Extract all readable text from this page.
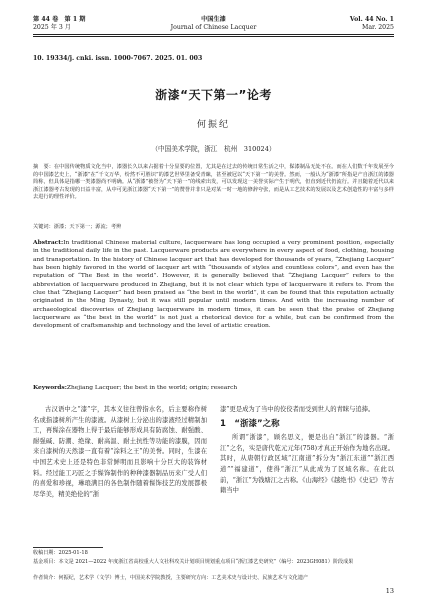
第 44 卷　第 1 期
2025 年 3 月
中国生漆
Journal of Chinese Lacquer
Vol. 44 No. 1
Mar. 2025
10. 19334/j. cnki. issn. 1000-7067. 2025. 01. 003
浙漆“天下第一”论考
何振纪
（中国美术学院，浙江　杭州　310024）
摘　要：在中国传统物质文化当中，漆器长久以来占据着十分显要的位置，尤其是在过去的传统日常生活之中，髹漆制品无处不在。而在人们数千年发展至今的中国漆艺史上，“浙漆”在“千文万华，纷然不可胜识”的漆艺世界里备受青睐，甚至被冠以“天下第一”的美誉。然而，一般认为“浙漆”所指是产自浙江的漆器简称，但具体是指哪一类漆器尚不明确。从“浙漆”被誉为“天下第一”的线索出发，可以发现这一美誉实际产生于明代，但直到近代仍流行。并且随着近代以来浙江漆器考古发现的日益丰富，从中可见浙江漆器“天下第一”的赞誉并非只是对某一时一地的修辞夸张，而是从工艺技术的发展以及艺术创造性的丰富与多样去进行的理性评价。
关键词：浙漆；天下第一；源流；考辨
Abstract:In traditional Chinese material culture, lacquerware has long occupied a very prominent position, especially in the traditional daily life in the past. Lacquerware products are everywhere in every aspect of food, clothing, housing and transportation. In the history of Chinese lacquer art that has developed for thousands of years, “Zhejiang Lacquer” has been highly favored in the world of lacquer art with “thousands of styles and countless colors”, and even has the reputation of “The Best in the world”. However, it is generally believed that “Zhejiang Lacquer” refers to the abbreviation of lacquerware produced in Zhejiang, but it is not clear which type of lacquerware it refers to. From the clue that “Zhejiang Lacquer” had been praised as “the best in the world”, it can be found that this reputation actually originated in the Ming Dynasty, but it was still popular until modern times. And with the increasing number of archaeological discoveries of Zhejiang lacquerware in modern times, it can be seen that the praise of Zhejiang lacquerware as “the best in the world” is not just a rhetorical device for a while, but can be confirmed from the development of craftsmanship and technology and the level of artistic creation.
Keywords:Zhejiang Lacquer; the best in the world; origin; research
古汉语中之“漆”字，其本义往往曾指水名，后主要称作树名或指漆树所产生的漆液。从漆树上分泌出的漆液经过精制加工，再髹涂在器物上得于最后能够形成具有防腐蚀、耐强酸、耐强碱、防潮、绝缘、耐高温、耐土抗性等功能的漆膜，因而来自漆树的天然漆一直有着“涂料之王”的美誉。同时，生漆在中国艺术史上还是特色非常鲜明而且影响十分巨大的装饰材料。经过能工巧匠之手髹饰制作的种种漆器制品历来广受人们的喜爱和珍视，琳琅满目的各色制作随着髹饰技艺的发展都极尽华美，精美绝伦的“浙
漆”更是成为了当中的佼佼者而受到世人的青睐与追捧。
1　“浙漆”之称
所谓“浙漆”，顾名思义，便是出自“浙江”的漆器。“浙江”之名，实是唐代乾元元年(758)才真正开始作为地名出现。其时，从唐朝行政区域“江南道”拆分为“浙江东道”“浙江西道”“福建道”，使得“浙江”从此成为了区域名称。在此以前，“浙江”为钱塘江之古称。《山海经》《越绝书》《史记》等古籍当中
收稿日期：2025-01-18
基金项目：本文是 2021—2022 年度浙江省高校重大人文社科攻关计划项目规划重点项目“浙江漆艺史研究”（编号：2023GH081）阶段成果
作者简介：何振纪，艺术学（文学）博士，中国美术学院教授，主要研究方向：工艺美术史与设计史、民族艺术与文化遗产
13
